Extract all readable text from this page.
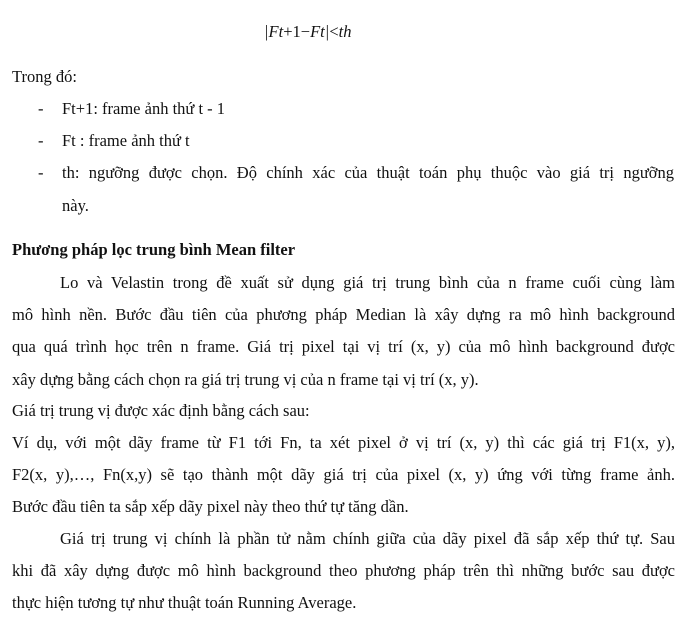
|Ft+1−Ft|<th
Trong đó:
- Ft+1: frame ảnh thứ t - 1
- Ft : frame ảnh thứ t
- th: ngưỡng được chọn. Độ chính xác của thuật toán phụ thuộc vào giá trị ngưỡng
này.
Phương pháp lọc trung bình Mean filter
Lo và Velastin trong đề xuất sử dụng giá trị trung bình của n frame cuối cùng làm
mô hình nền. Bước đầu tiên của phương pháp Median là xây dựng ra mô hình background
qua quá trình học trên n frame. Giá trị pixel tại vị trí (x, y) của mô hình background được
xây dựng bằng cách chọn ra giá trị trung vị của n frame tại vị trí (x, y).
Giá trị trung vị được xác định bằng cách sau:
Ví dụ, với một dãy frame từ F1 tới Fn, ta xét pixel ở vị trí (x, y) thì các giá trị F1(x, y),
F2(x, y),…, Fn(x,y) sẽ tạo thành một dãy giá trị của pixel (x, y) ứng với từng frame ảnh.
Bước đầu tiên ta sắp xếp dãy pixel này theo thứ tự tăng dần.
Giá trị trung vị chính là phần tử nằm chính giữa của dãy pixel đã sắp xếp thứ tự. Sau
khi đã xây dựng được mô hình background theo phương pháp trên thì những bước sau được
thực hiện tương tự như thuật toán Running Average.
